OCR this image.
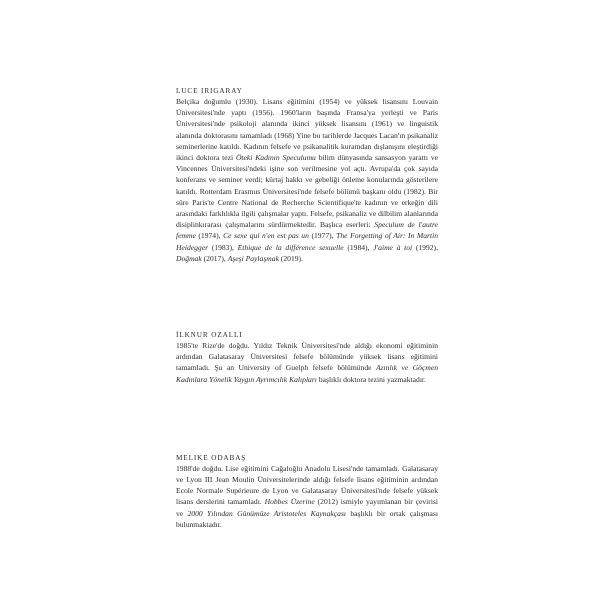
LUCE IRIGARAY

Belçika doğumlu (1930). Lisans eğitimini (1954) ve yüksek lisansını Louvain Üniversitesi'nde yaptı (1956). 1960'ların başında Fransa'ya yerleşti ve Paris Üniversitesi'nde psikoloji alanında ikinci yüksek lisansını (1961) ve linguistik alanında doktorasını tamamladı (1968) Yine bu tarihlerde Jacques Lacan'ın psikanaliz seminerlerine katıldı. Kadının felsefe ve psikanalitik kuramdan dışlanışını eleştirdiği ikinci doktora tezi Öteki Kadının Speculumu bilim dünyasında sansasyon yarattı ve Vincennes Üniversitesi'ndeki işine son verilmesine yol açtı. Avrupa'da çok sayıda konferans ve seminer verdi; kürtaj hakkı ve gebeliği önleme konularında gösterilere katıldı. Rotterdam Erasmus Üniversitesi'nde felsefe bölümü başkanı oldu (1982). Bir süre Paris'te Centre National de Recherche Scientifique'te kadının ve erkeğin dili arasındaki farklılıkla ilgili çalışmalar yaptı. Felsefe, psikanaliz ve dilbilim alanlarında disiplinkırarası çalışmalarını sürdürmektedir. Başlıca eserleri: Speculum de l'autre femme (1974), Ce sexe qui n'en est pas un (1977), The Forgetting of Air: In Martin Heidegger (1983), Ethique de la différence sexuelle (1984), J'aime à toi (1992), Doğmak (2017), Aşeşi Paylaşmak (2019).

İLKNUR OZALLI

1985'te Rize'de doğdu. Yıldız Teknik Üniversitesi'nde aldığı ekonomi eğitiminin ardından Galatasaray Üniversitesi felsefe bölümünde yüksek lisans eğitimini tamamladı. Şu an University of Guelph felsefe bölümünde Azınlık ve Göçmen Kadınlara Yönelik Yaygın Ayrımcılık Kalıpları başlıklı doktora tezini yazmaktadır.

MELIKE ODABAŞ

1988'de doğdu. Lise eğitimini Cağaloğlu Anadolu Lisesi'nde tamamladı. Galatasaray ve Lyon III Jean Moulin Üniversitelerinde aldığı felsefe lisans eğitiminin ardından Ecole Normale Supérieure de Lyon ve Galatasaray Üniversitesi'nde felsefe yüksek lisans derslerini tamamladı. Hobbes Üzerine (2012) ismiyle yayımlanan bir çevirisi ve 2000 Yılından Günümüze Aristoteles Kaynakçası başlıklı bir ortak çalışması bulunmaktadır.
